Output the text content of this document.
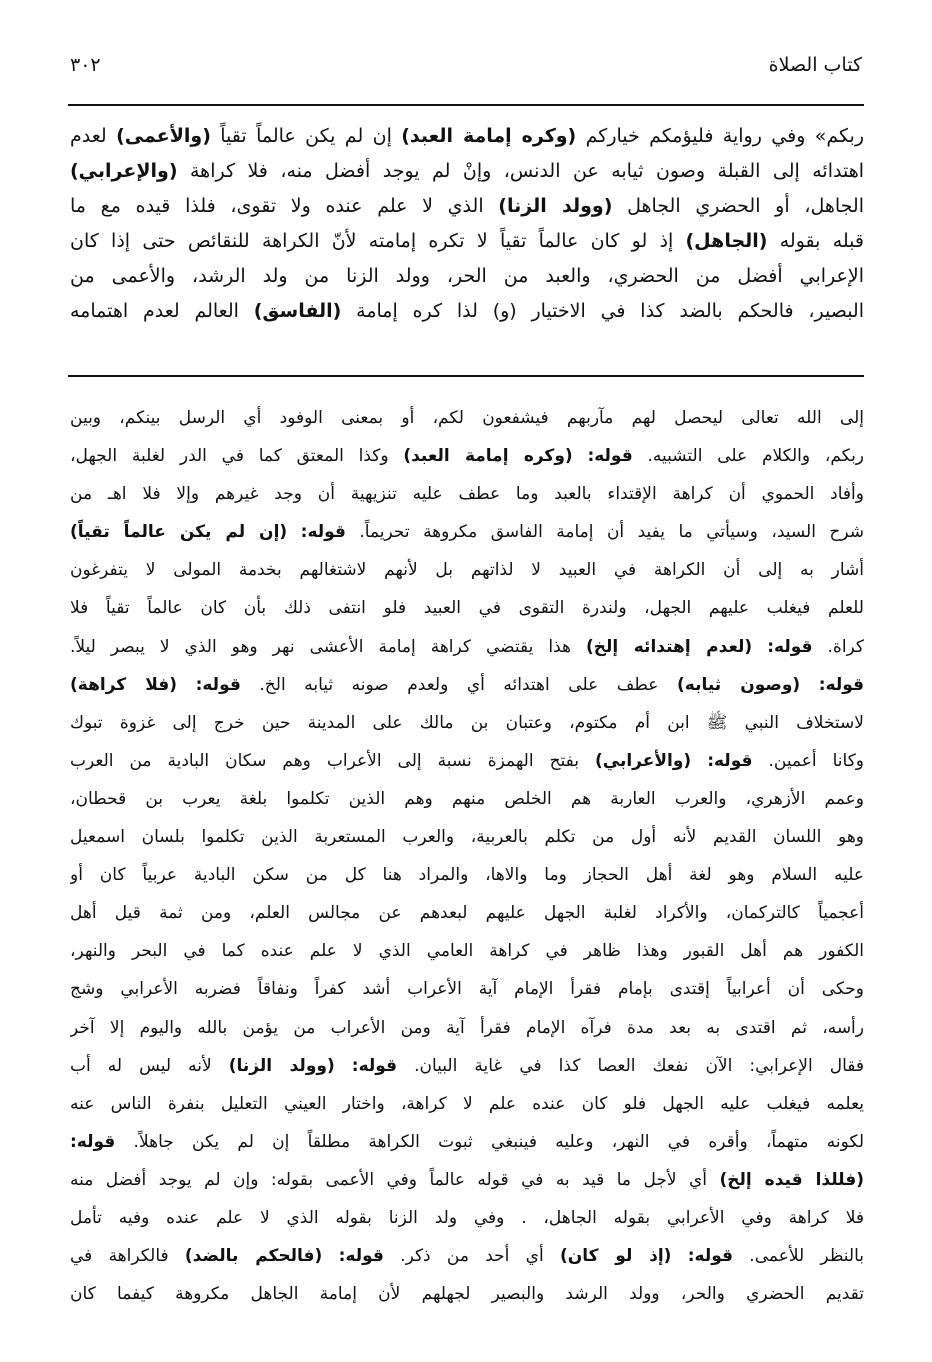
٣٠٢	كتاب الصلاة
ربكم» وفي رواية فليؤمكم خياركم (وكره إمامة العبد) إن لم يكن عالماً تقياً (والأعمى) لعدم
اهتدائه إلى القبلة وصون ثيابه عن الدنس، وإنْ لم يوجد أفضل منه، فلا كراهة (والإعرابي)
الجاهل، أو الحضري الجاهل (وولد الزنا) الذي لا علم عنده ولا تقوى، فلذا قيده مع ما
قبله بقوله (الجاهل) إذ لو كان عالماً تقياً لا تكره إمامته لأنّ الكراهة للنقائص حتى إذا كان
الإعرابي أفضل من الحضري، والعبد من الحر، وولد الزنا من ولد الرشد، والأعمى من
البصير، فالحكم بالضد كذا في الاختيار (و) لذا كره إمامة (الفاسق) العالم لعدم اهتمامه
إلى الله تعالى ليحصل لهم مآربهم فيشفعون لكم، أو بمعنى الوفود أي الرسل بينكم، وبين
ربكم، والكلام على التشبيه. قوله: (وكره إمامة العبد) وكذا المعتق كما في الدر لغلبة الجهل،
وأفاد الحموي أن كراهة الإقتداء بالعبد وما عطف عليه تنزيهية أن وجد غيرهم وإلا فلا اهـ من
شرح السيد، وسيأتي ما يفيد أن إمامة الفاسق مكروهة تحريماً. قوله: (إن لم يكن عالماً تقياً)
أشار به إلى أن الكراهة في العبيد لا لذاتهم بل لأنهم لاشتغالهم بخدمة المولى لا يتفرغون
للعلم فيغلب عليهم الجهل، ولندرة التقوى في العبيد فلو انتفى ذلك بأن كان عالماً تقياً فلا
كراة. قوله: (لعدم إهتدائه إلخ) هذا يقتضي كراهة إمامة الأعشى نهر وهو الذي لا يبصر ليلاً.
قوله: (وصون ثيابه) عطف على اهتدائه أي ولعدم صونه ثيابه الخ. قوله: (فلا كراهة)
لاستخلاف النبي ﷺ ابن أم مكتوم، وعتبان بن مالك على المدينة حين خرج إلى غزوة تبوك
وكانا أعمين. قوله: (والأعرابي) بفتح الهمزة نسبة إلى الأعراب وهم سكان البادية من العرب
وعمم الأزهري، والعرب العاربة هم الخلص منهم وهم الذين تكلموا بلغة يعرب بن قحطان،
وهو اللسان القديم لأنه أول من تكلم بالعربية، والعرب المستعربة الذين تكلموا بلسان اسمعيل
عليه السلام وهو لغة أهل الحجاز وما والاها، والمراد هنا كل من سكن البادية عربياً كان أو
أعجمياً كالتركمان، والأكراد لغلبة الجهل عليهم لبعدهم عن مجالس العلم، ومن ثمة قيل أهل
الكفور هم أهل القبور وهذا ظاهر في كراهة العامي الذي لا علم عنده كما في البحر والنهر،
وحكى أن أعرابياً إقتدى بإمام فقرأ الإمام آية الأعراب أشد كفراً ونفاقاً فضربه الأعرابي وشج
رأسه، ثم اقتدى به بعد مدة فرآه الإمام فقرأ آية ومن الأعراب من يؤمن بالله واليوم إلا آخر
فقال الإعرابي: الآن نفعك العصا كذا في غاية البيان. قوله: (وولد الزنا) لأنه ليس له أب
يعلمه فيغلب عليه الجهل فلو كان عنده علم لا كراهة، واختار العيني التعليل بنفرة الناس عنه
لكونه متهماً، وأقره في النهر، وعليه فينبغي ثبوت الكراهة مطلقاً إن لم يكن جاهلاً. قوله:
(فللذا قيده إلخ) أي لأجل ما قيد به في قوله عالماً وفي الأعمى بقوله: وإن لم يوجد أفضل منه
فلا كراهة وفي الأعرابي بقوله الجاهل، . وفي ولد الزنا بقوله الذي لا علم عنده وفيه تأمل
بالنظر للأعمى. قوله: (إذ لو كان) أي أحد من ذكر. قوله: (فالحكم بالضد) فالكراهة في
تقديم الحضري والحر، وولد الرشد والبصير لجهلهم لأن إمامة الجاهل مكروهة كيفما كان
